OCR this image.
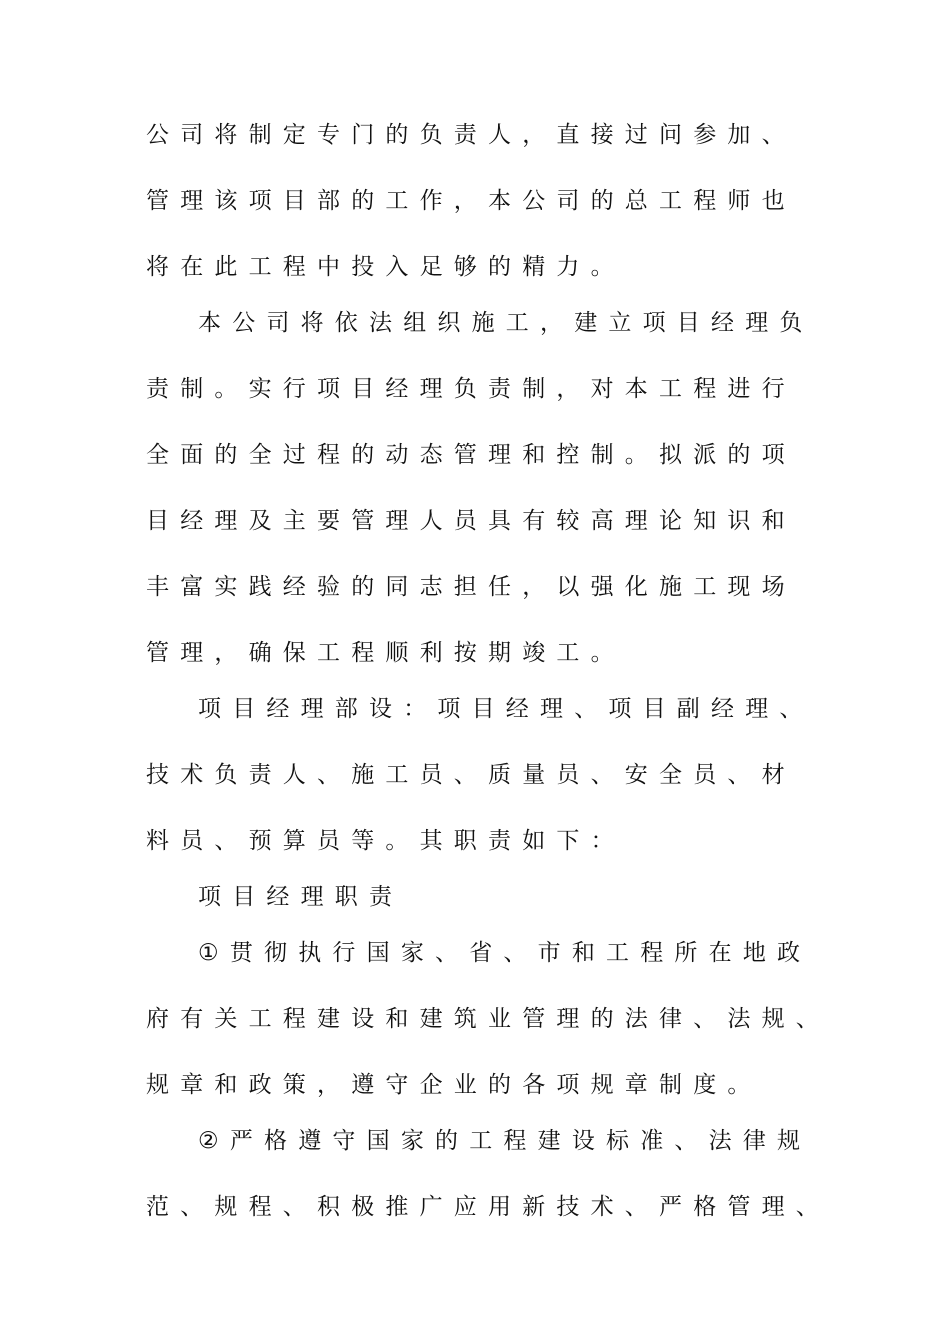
公司将制定专门的负责人，直接过问参加、
管理该项目部的工作，本公司的总工程师也
将在此工程中投入足够的精力。
本公司将依法组织施工，建立项目经理负
责制。实行项目经理负责制，对本工程进行
全面的全过程的动态管理和控制。拟派的项
目经理及主要管理人员具有较高理论知识和
丰富实践经验的同志担任，以强化施工现场
管理，确保工程顺利按期竣工。
项目经理部设：项目经理、项目副经理、
技术负责人、施工员、质量员、安全员、材
料员、预算员等。其职责如下：
项目经理职责
①贯彻执行国家、省、市和工程所在地政
府有关工程建设和建筑业管理的法律、法规、
规章和政策，遵守企业的各项规章制度。
②严格遵守国家的工程建设标准、法律规
范、规程、积极推广应用新技术、严格管理、
